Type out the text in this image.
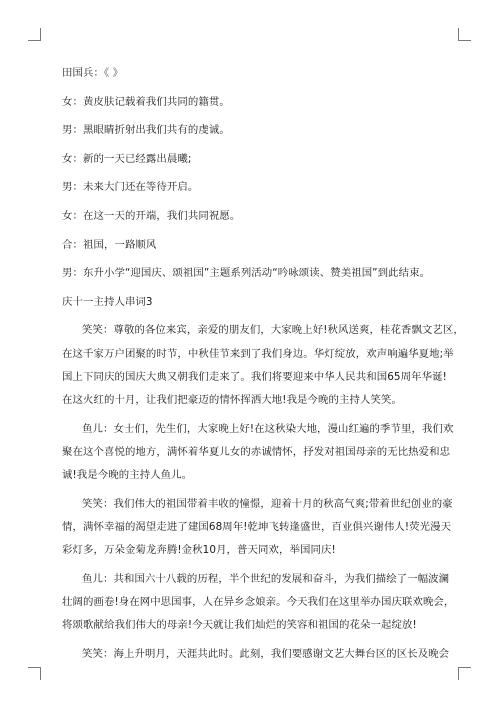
田国兵：《 》
女：黄皮肤记载着我们共同的籍贯。
男：黑眼睛折射出我们共有的虔诚。
女：新的一天已经露出晨曦;
男：未来大门还在等待开启。
女：在这一天的开端，我们共同祝愿。
合：祖国，一路顺风
男：东升小学“迎国庆、颂祖国”主题系列活动“吟咏颂读、赞美祖国”到此结束。
庆十一主持人串词3
笑笑：尊敬的各位来宾，亲爱的朋友们，大家晚上好!秋风送爽，桂花香飘文艺区，
在这千家万户团聚的时节，中秋佳节来到了我们身边。华灯绽放，欢声响遍华夏地;举
国上下同庆的国庆大典又朝我们走来了。我们将要迎来中华人民共和国65周年华诞!
在这火红的十月，让我们把豪迈的情怀挥洒大地!我是今晚的主持人笑笑。
鱼儿：女士们，先生们，大家晚上好!在这秋染大地，漫山红遍的季节里，我们欢
聚在这个喜悦的地方，满怀着华夏儿女的赤诚情怀，抒发对祖国母亲的无比热爱和忠
诚!我是今晚的主持人鱼儿。
笑笑：我们伟大的祖国带着丰收的憧憬，迎着十月的秋高气爽;带着世纪创业的豪
情，满怀幸福的渴望走进了建国68周年!乾坤飞转逢盛世，百业俱兴谢伟人!荧光漫天
彩灯多，万朵金菊龙奔腾!金秋10月，普天同欢，举国同庆!
鱼儿：共和国六十八载的历程，半个世纪的发展和奋斗，为我们描绘了一幅波澜
壮阔的画卷!身在网中思国事，人在异乡念娘亲。今天我们在这里举办国庆联欢晚会，
将颂歌献给我们伟大的母亲!今天就让我们灿烂的笑容和祖国的花朵一起绽放!
笑笑：海上升明月，天涯共此时。此刻，我们要感谢文艺大舞台区的区长及晚会
